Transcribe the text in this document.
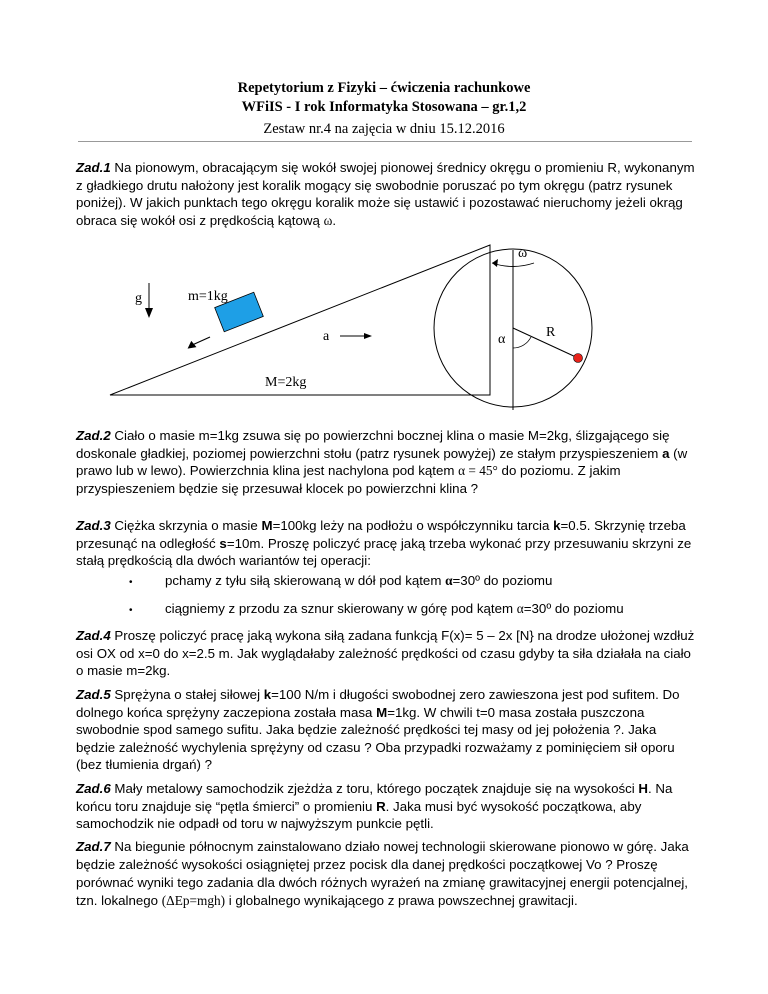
Repetytorium z Fizyki – ćwiczenia rachunkowe
WFiIS - I rok Informatyka Stosowana – gr.1,2
Zestaw nr.4 na zajęcia w dniu 15.12.2016
Zad.1 Na pionowym, obracającym się wokół swojej pionowej średnicy okręgu o promieniu R, wykonanym z gładkiego drutu nałożony jest koralik mogący się swobodnie poruszać po tym okręgu (patrz rysunek poniżej). W jakich punktach tego okręgu koralik może się ustawić i pozostawać nieruchomy jeżeli okrąg obraca się wokół osi z prędkością kątową ω.
g	m=1kg
a
M=2kg
ω
α	R
Zad.2 Ciało o masie m=1kg zsuwa się po powierzchni bocznej klina o masie M=2kg, ślizgającego się doskonale gładkiej, poziomej powierzchni stołu (patrz rysunek powyżej) ze stałym przyspieszeniem a (w prawo lub w lewo). Powierzchnia klina jest nachylona pod kątem α = 45° do poziomu. Z jakim przyspieszeniem będzie się przesuwał klocek po powierzchni klina ?
Zad.3 Ciężka skrzynia o masie M=100kg leży na podłożu o współczynniku tarcia k=0.5. Skrzynię trzeba przesunąć na odległość s=10m. Proszę policzyć pracę jaką trzeba wykonać przy przesuwaniu skrzyni ze stałą prędkością dla dwóch wariantów tej operacji:
• pchamy z tyłu siłą skierowaną w dół pod kątem α=30º do poziomu
• ciągniemy z przodu za sznur skierowany w górę pod kątem α=30º do poziomu
Zad.4 Proszę policzyć pracę jaką wykona siłą zadana funkcją F(x)= 5 – 2x [N} na drodze ułożonej wzdłuż osi OX od x=0 do x=2.5 m. Jak wyglądałaby zależność prędkości od czasu gdyby ta siła działała na ciało o masie m=2kg.
Zad.5 Sprężyna o stałej siłowej k=100 N/m i długości swobodnej zero zawieszona jest pod sufitem. Do dolnego końca sprężyny zaczepiona została masa M=1kg. W chwili t=0 masa została puszczona swobodnie spod samego sufitu. Jaka będzie zależność prędkości tej masy od jej położenia ?. Jaka będzie zależność wychylenia sprężyny od czasu ? Oba przypadki rozważamy z pominięciem sił oporu (bez tłumienia drgań) ?
Zad.6 Mały metalowy samochodzik zjeżdża z toru, którego początek znajduje się na wysokości H. Na końcu toru znajduje się “pętla śmierci” o promieniu R. Jaka musi być wysokość początkowa, aby samochodzik nie odpadł od toru w najwyższym punkcie pętli.
Zad.7 Na biegunie północnym zainstalowano działo nowej technologii skierowane pionowo w górę. Jaka będzie zależność wysokości osiągniętej przez pocisk dla danej prędkości początkowej Vo ? Proszę porównać wyniki tego zadania dla dwóch różnych wyrażeń na zmianę grawitacyjnej energii potencjalnej, tzn. lokalnego (ΔEp=mgh) i globalnego wynikającego z prawa powszechnej grawitacji.
